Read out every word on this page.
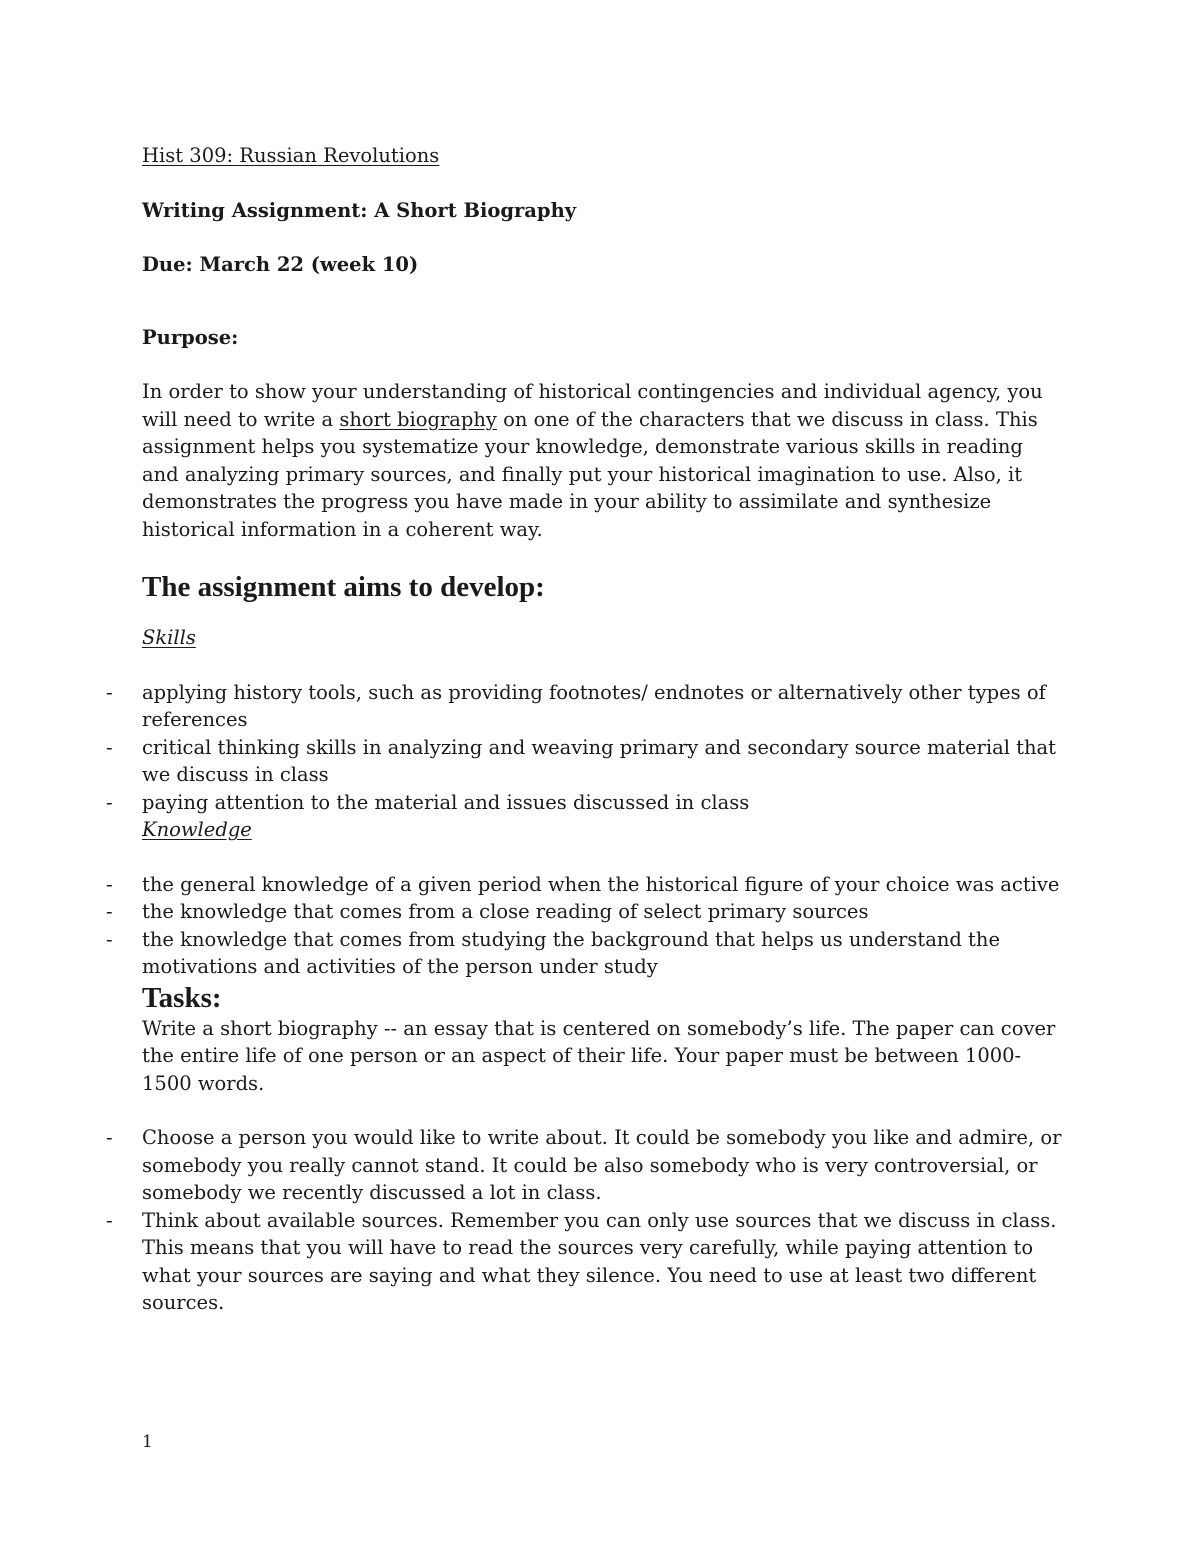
Hist 309: Russian Revolutions

Writing Assignment: A Short Biography

Due: March 22 (week 10)

Purpose:

In order to show your understanding of historical contingencies and individual agency, you will need to write a short biography on one of the characters that we discuss in class. This assignment helps you systematize your knowledge, demonstrate various skills in reading and analyzing primary sources, and finally put your historical imagination to use. Also, it demonstrates the progress you have made in your ability to assimilate and synthesize historical information in a coherent way.

The assignment aims to develop:

Skills

- applying history tools, such as providing footnotes/ endnotes or alternatively other types of references
- critical thinking skills in analyzing and weaving primary and secondary source material that we discuss in class
- paying attention to the material and issues discussed in class

Knowledge

- the general knowledge of a given period when the historical figure of your choice was active
- the knowledge that comes from a close reading of select primary sources
- the knowledge that comes from studying the background that helps us understand the motivations and activities of the person under study
Tasks:

Write a short biography -- an essay that is centered on somebody’s life. The paper can cover the entire life of one person or an aspect of their life. Your paper must be between 1000-1500 words.

- Choose a person you would like to write about. It could be somebody you like and admire, or somebody you really cannot stand. It could be also somebody who is very controversial, or somebody we recently discussed a lot in class.
- Think about available sources. Remember you can only use sources that we discuss in class. This means that you will have to read the sources very carefully, while paying attention to what your sources are saying and what they silence. You need to use at least two different sources.
1
